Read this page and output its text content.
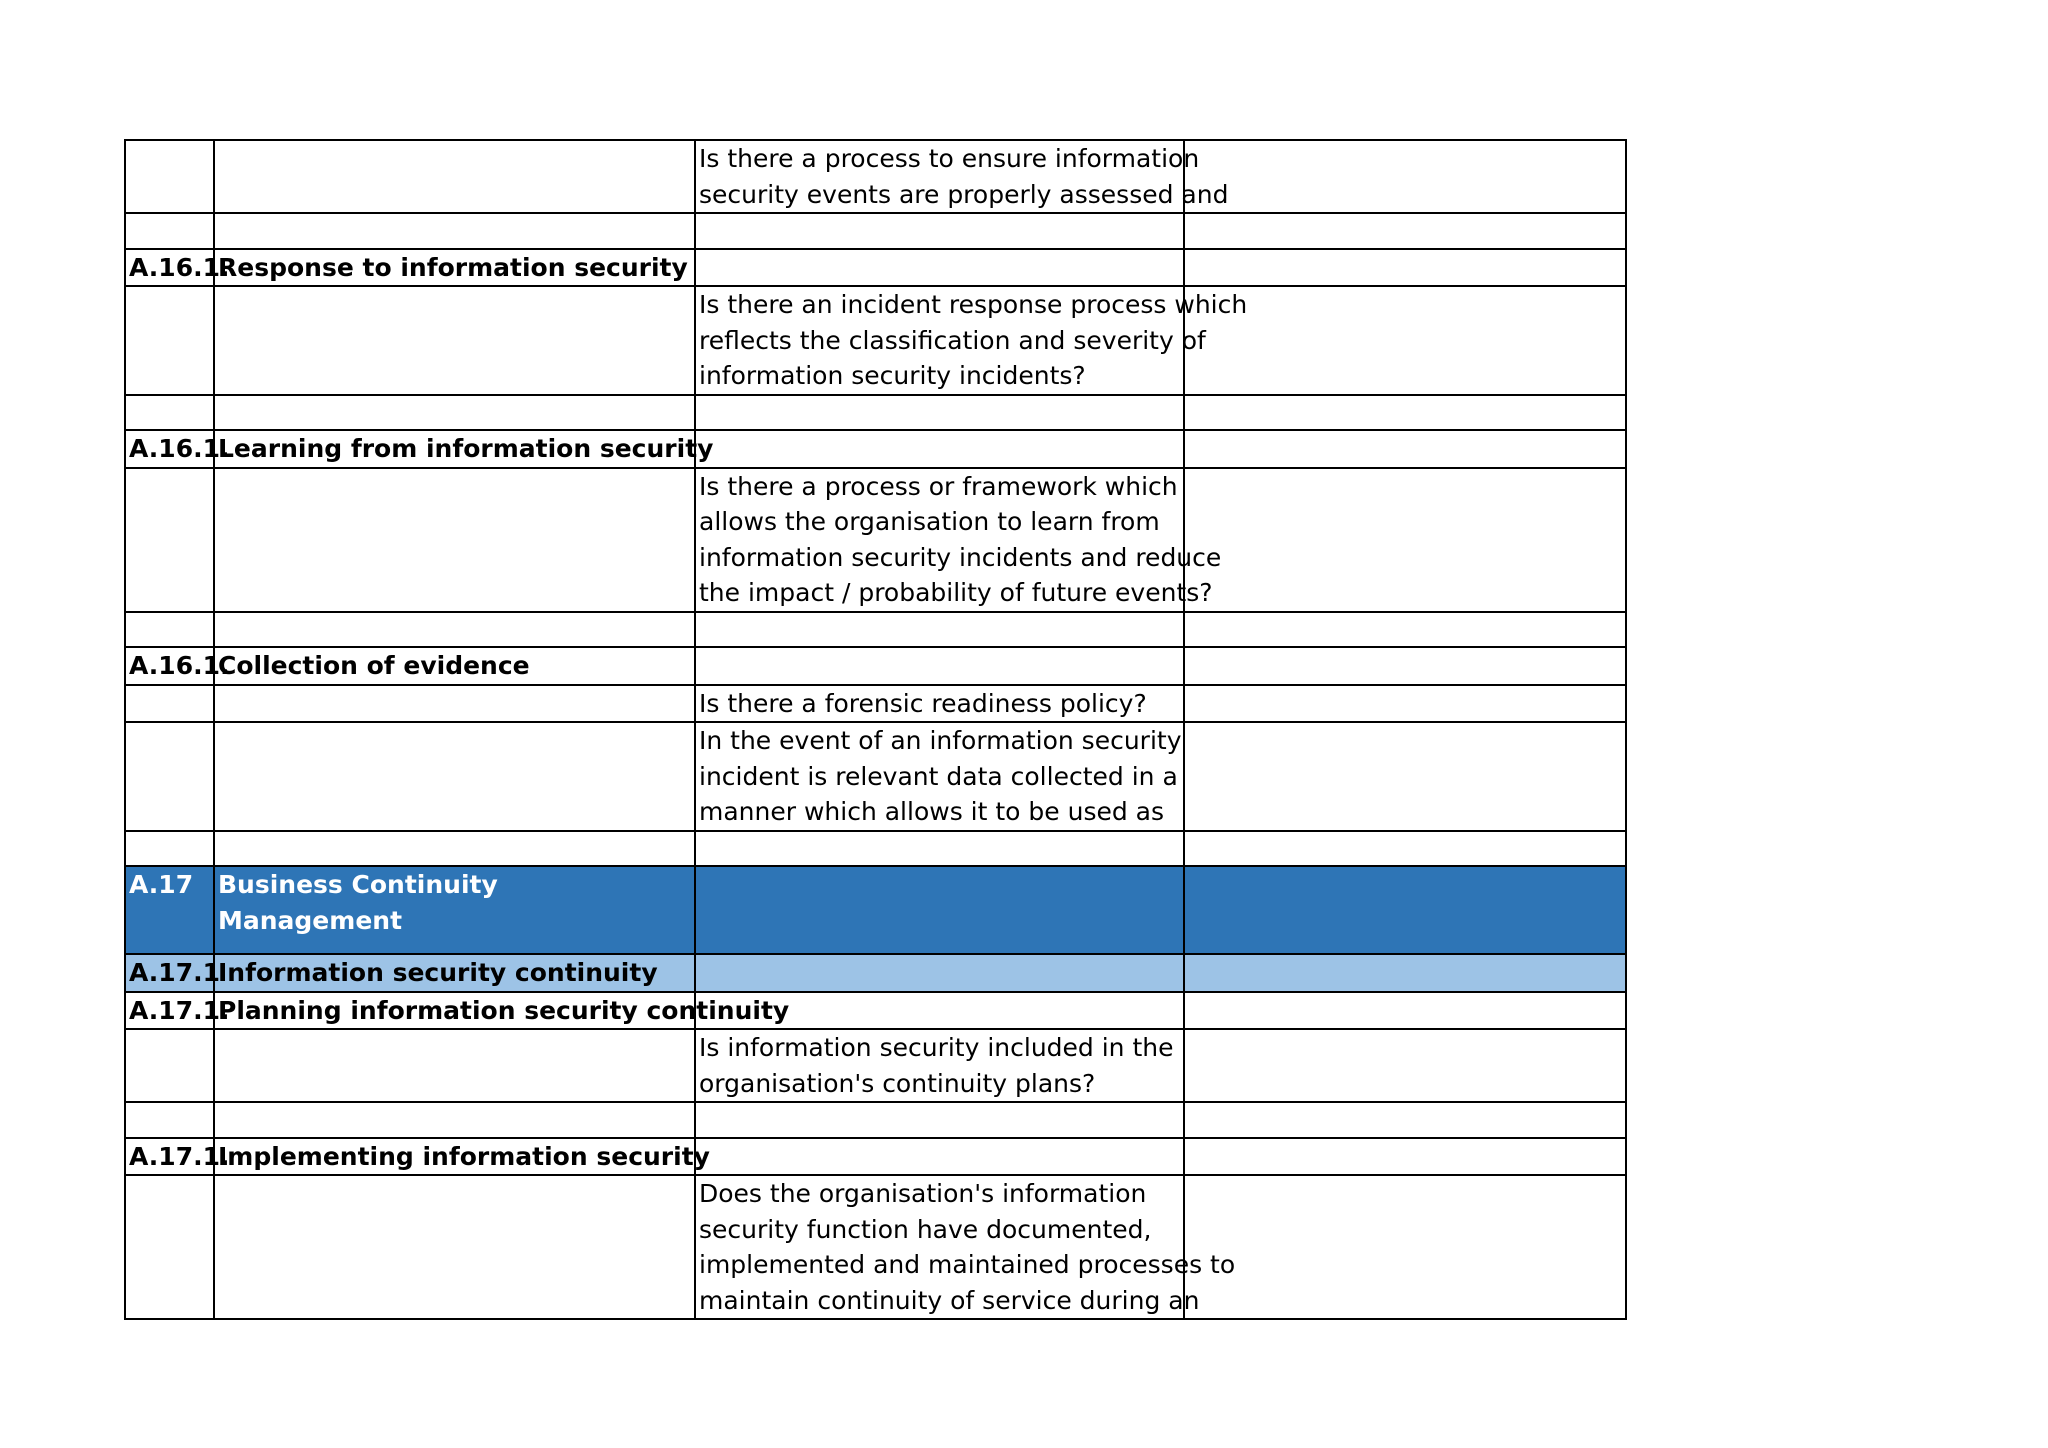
		Is there a process to ensure information
security events are properly assessed and	

A.16.1.	Response to information security		

		Is there an incident response process which
reflects the classification and severity of
information security incidents?	

A.16.1.	Learning from information security		

		Is there a process or framework which
allows the organisation to learn from
information security incidents and reduce
the impact / probability of future events?	

A.16.1.	Collection of evidence		

		Is there a forensic readiness policy?	

		In the event of an information security
incident is relevant data collected in a
manner which allows it to be used as	

A.17	Business Continuity
Management		

A.17.1	Information security continuity		
A.17.1.	Planning information security continuity		

		Is information security included in the
organisation's continuity plans?	

A.17.1.	Implementing information security		

		Does the organisation's information
security function have documented,
implemented and maintained processes to
maintain continuity of service during an	
